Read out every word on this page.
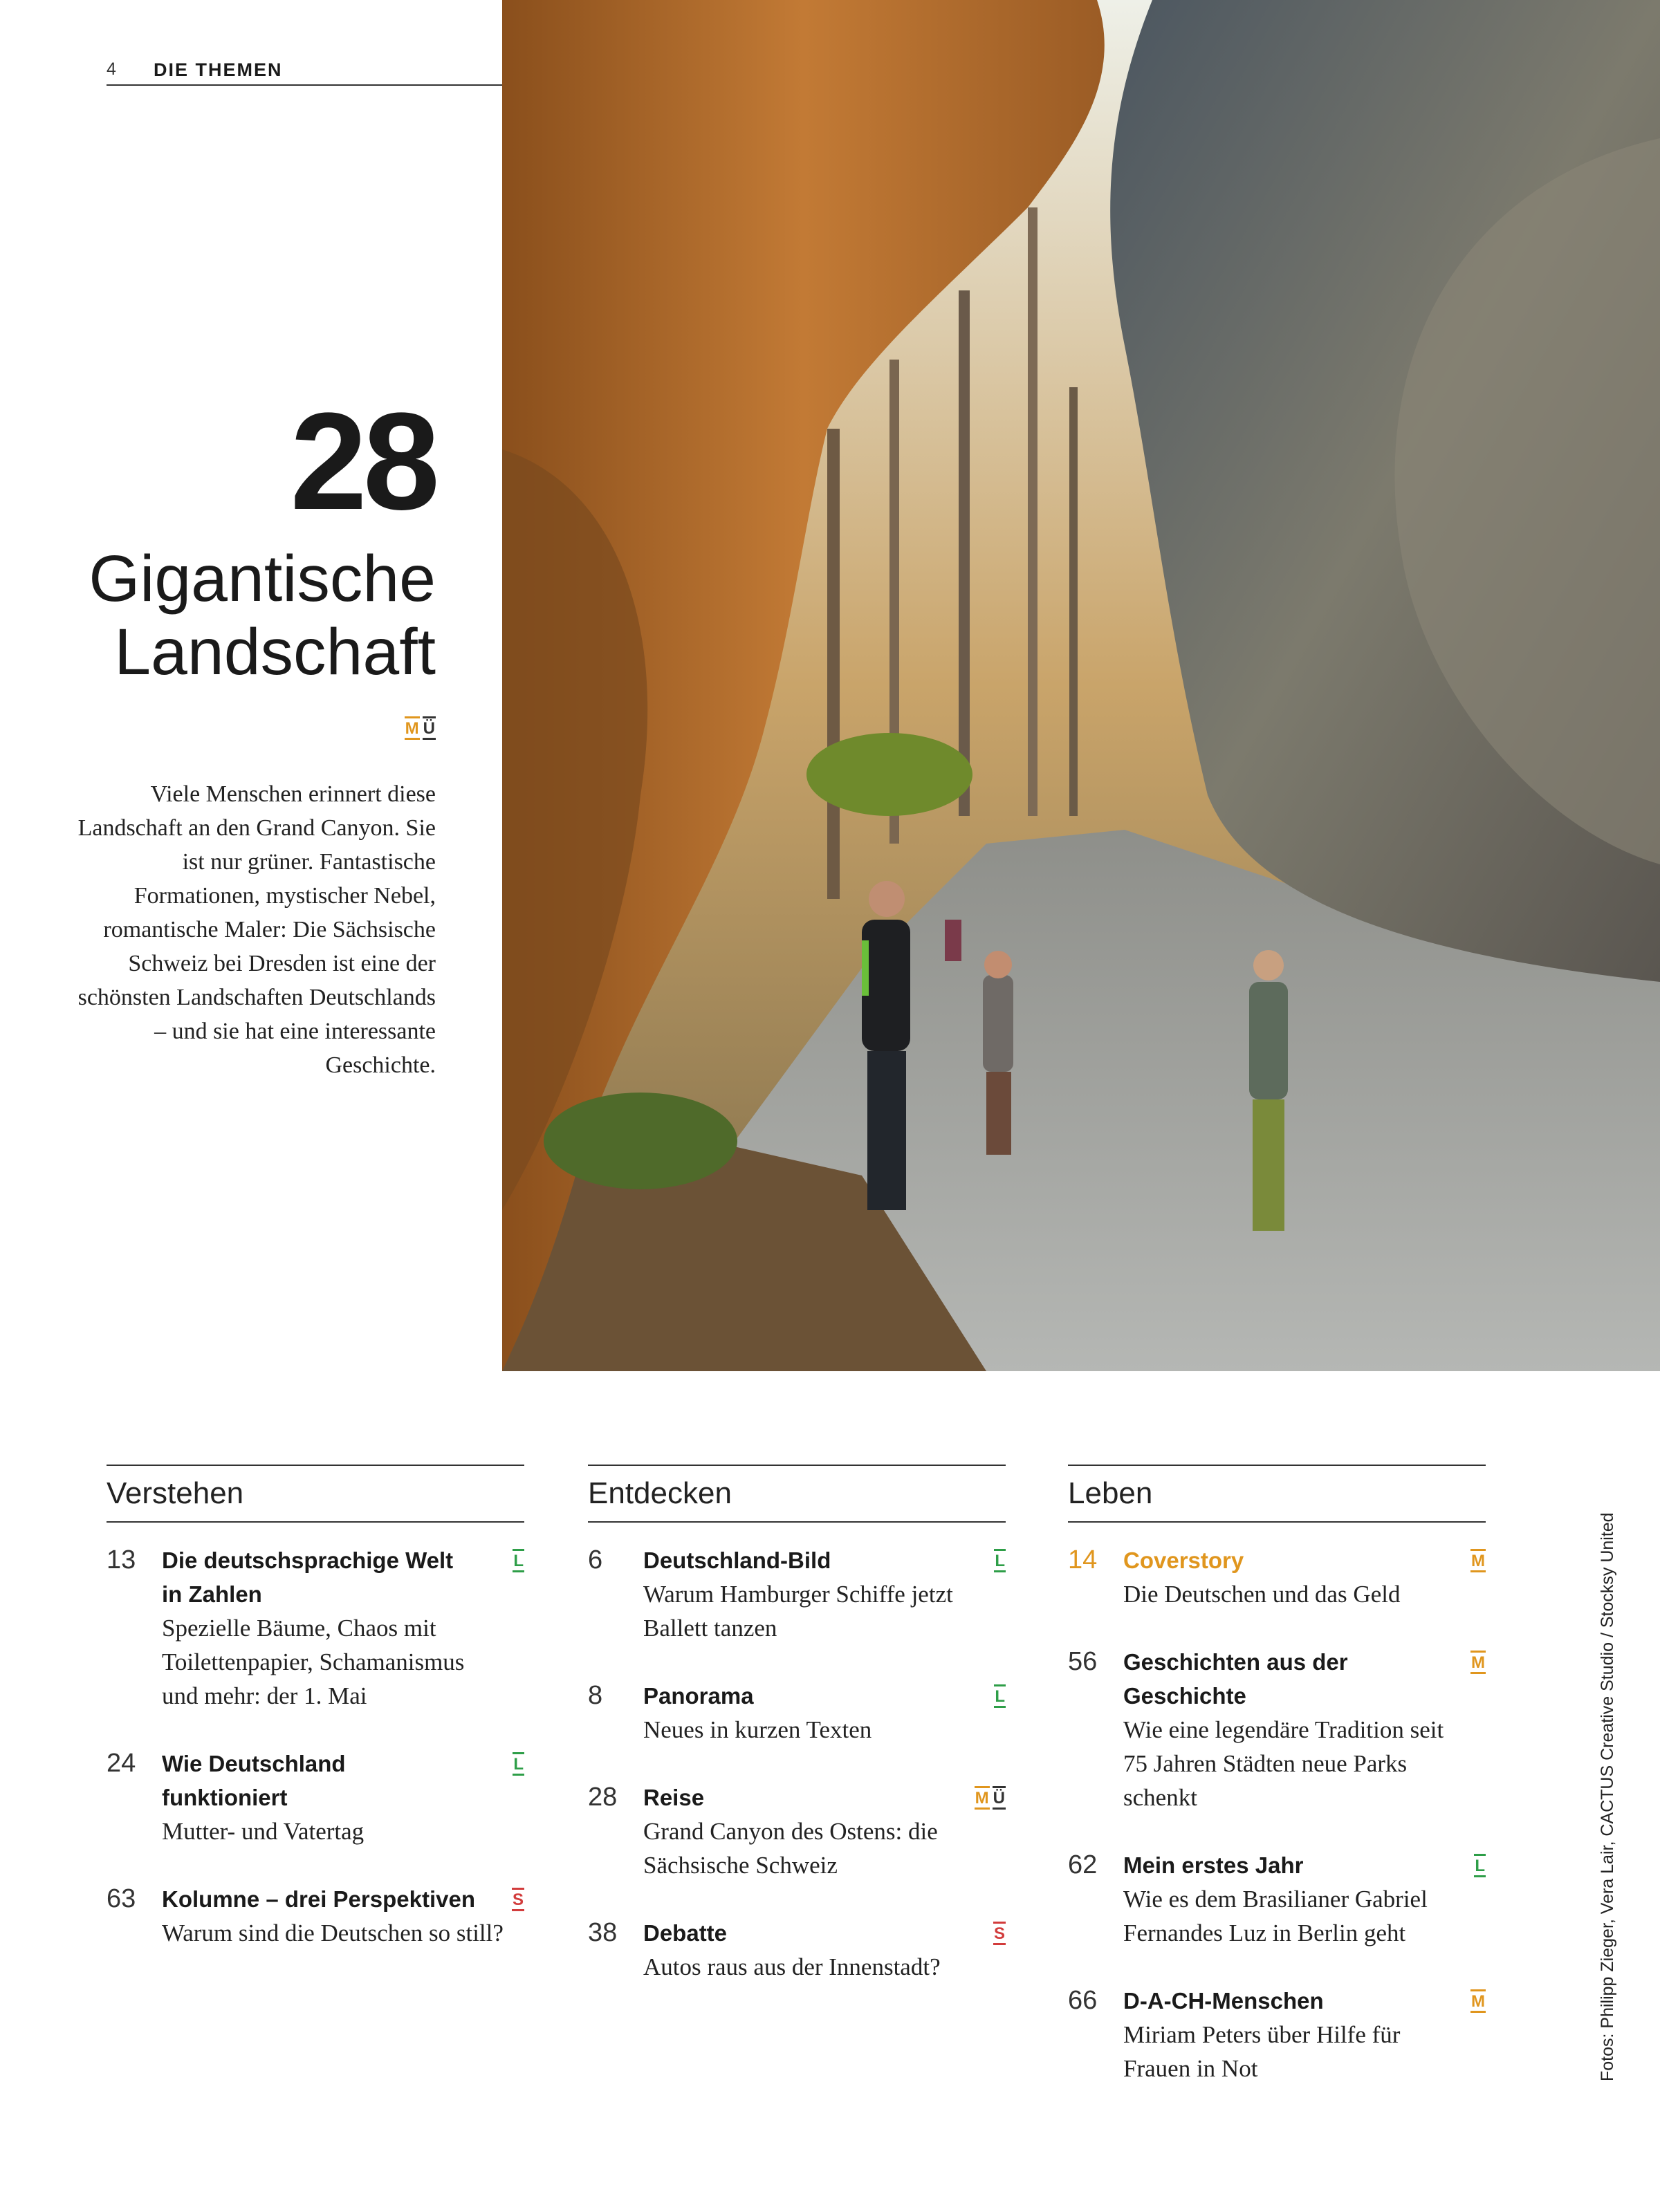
4 DIE THEMEN
28
Gigantische
Landschaft
M Ü
Viele Menschen erinnert diese Landschaft an den Grand Canyon. Sie ist nur grüner. Fantastische Formationen, mystischer Nebel, romantische Maler: Die Sächsische Schweiz bei Dresden ist eine der schönsten Landschaften Deutschlands – und sie hat eine interessante Geschichte.
Verstehen
13 Die deutschsprachige Welt in Zahlen
Spezielle Bäume, Chaos mit Toilettenpapier, Schamanismus und mehr: der 1. Mai
L
24 Wie Deutschland funktioniert
Mutter- und Vatertag
L
63 Kolumne – drei Perspektiven
Warum sind die Deutschen so still?
S
Entdecken
6 Deutschland-Bild
Warum Hamburger Schiffe jetzt Ballett tanzen
L
8 Panorama
Neues in kurzen Texten
L
28 Reise
Grand Canyon des Ostens: die Sächsische Schweiz
M Ü
38 Debatte
Autos raus aus der Innenstadt?
S
Leben
14 Coverstory
Die Deutschen und das Geld
M
56 Geschichten aus der Geschichte
Wie eine legendäre Tradition seit 75 Jahren Städten neue Parks schenkt
M
62 Mein erstes Jahr
Wie es dem Brasilianer Gabriel Fernandes Luz in Berlin geht
L
66 D-A-CH-Menschen
Miriam Peters über Hilfe für Frauen in Not
M	Fotos: Philipp Zieger, Vera Lair, CACTUS Creative Studio / Stocksy United
